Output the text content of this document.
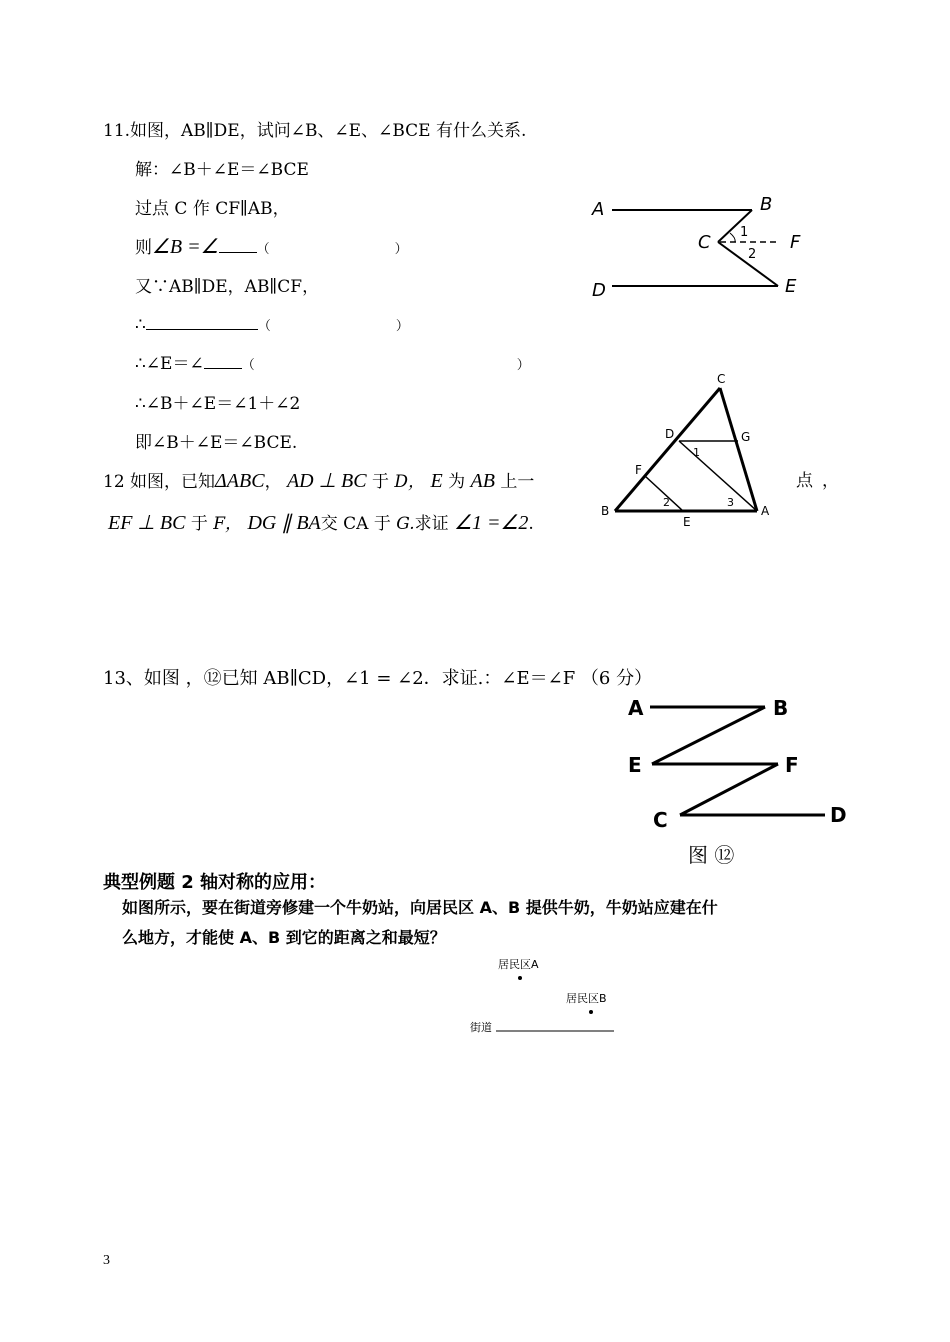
11.如图，AB∥DE，试问∠B、∠E、∠BCE 有什么关系.
解：∠B＋∠E＝∠BCE
过点 C 作 CF∥AB，
则∠B =∠	（	）
又∵AB∥DE，AB∥CF，
∴	（	）
∴∠E＝∠	（	）
∴∠B＋∠E＝∠1＋∠2
即∠B＋∠E＝∠BCE.
A	B
C	F
D	E
1
2
12 如图，已知ΔABC， AD ⊥ BC 于 D， E 为 AB 上一	点 ，
EF ⊥ BC 于 F， DG ∥ BA交 CA 于 G.求证 ∠1 =∠2.
C
D	G
F
1
2	3
B
E
A
13、如图 ，⑫已知 AB∥CD，∠1 = ∠2．求证.：∠E＝∠F （6 分）
A	B
E	F
C	D
图 ⑫
典型例题 2 轴对称的应用：
如图所示，要在街道旁修建一个牛奶站，向居民区 A、B 提供牛奶，牛奶站应建在什
么地方，才能使 A、B 到它的距离之和最短？
居民区A
居民区B
街道
3
